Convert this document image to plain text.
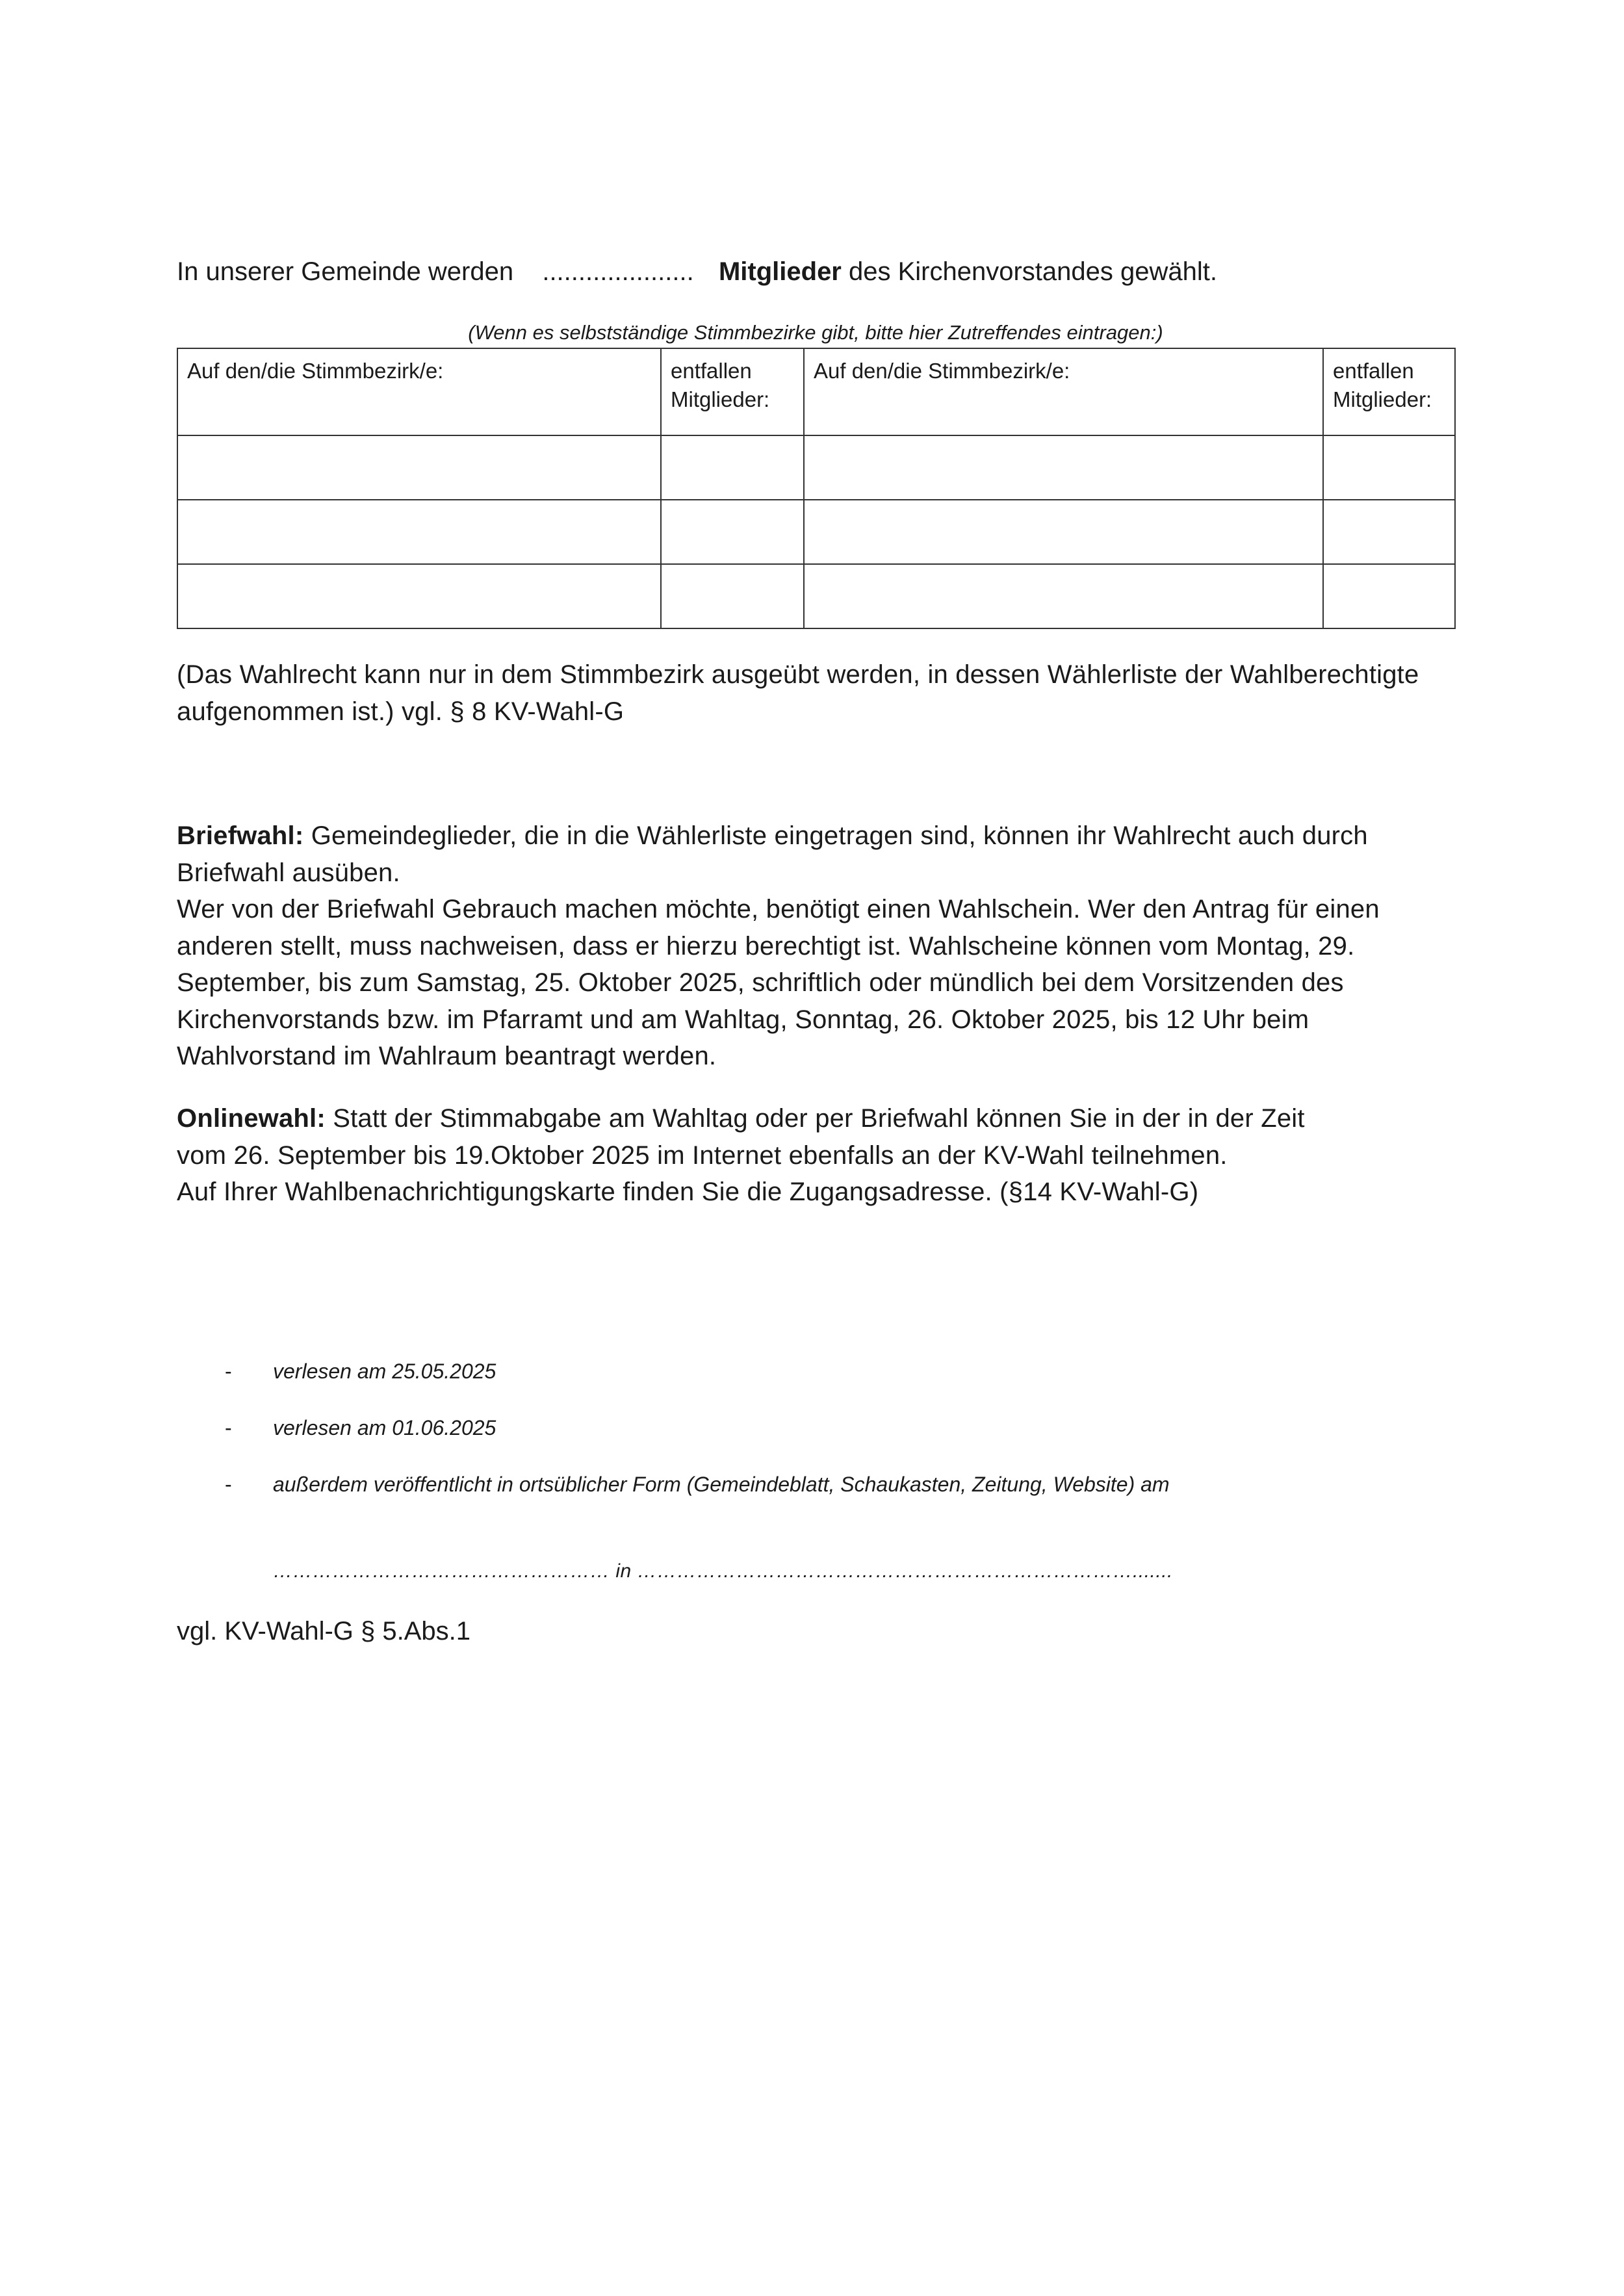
In unserer Gemeinde werden ..................... Mitglieder des Kirchenvorstandes gewählt.
(Wenn es selbstständige Stimmbezirke gibt, bitte hier Zutreffendes eintragen:)
Auf den/die Stimmbezirk/e:	entfallen Mitglieder:	Auf den/die Stimmbezirk/e:	entfallen Mitglieder:

(Das Wahlrecht kann nur in dem Stimmbezirk ausgeübt werden, in dessen Wählerliste der Wahlberechtigte aufgenommen ist.) vgl. § 8 KV-Wahl-G
Briefwahl: Gemeindeglieder, die in die Wählerliste eingetragen sind, können ihr Wahlrecht auch durch Briefwahl ausüben.
Wer von der Briefwahl Gebrauch machen möchte, benötigt einen Wahlschein. Wer den Antrag für einen anderen stellt, muss nachweisen, dass er hierzu berechtigt ist. Wahlscheine können vom Montag, 29. September, bis zum Samstag, 25. Oktober 2025, schriftlich oder mündlich bei dem Vorsitzenden des Kirchenvorstands bzw. im Pfarramt und am Wahltag, Sonntag, 26. Oktober 2025, bis 12 Uhr beim Wahlvorstand im Wahlraum beantragt werden.
Onlinewahl: Statt der Stimmabgabe am Wahltag oder per Briefwahl können Sie in der in der Zeit
vom 26. September bis 19.Oktober 2025 im Internet ebenfalls an der KV-Wahl teilnehmen.
Auf Ihrer Wahlbenachrichtigungskarte finden Sie die Zugangsadresse. (§14 KV-Wahl-G)
- verlesen am 25.05.2025
- verlesen am 01.06.2025
- außerdem veröffentlicht in ortsüblicher Form (Gemeindeblatt, Schaukasten, Zeitung, Website) am
…………………………………………… in ………………………………………………………………….......
vgl. KV-Wahl-G § 5.Abs.1
